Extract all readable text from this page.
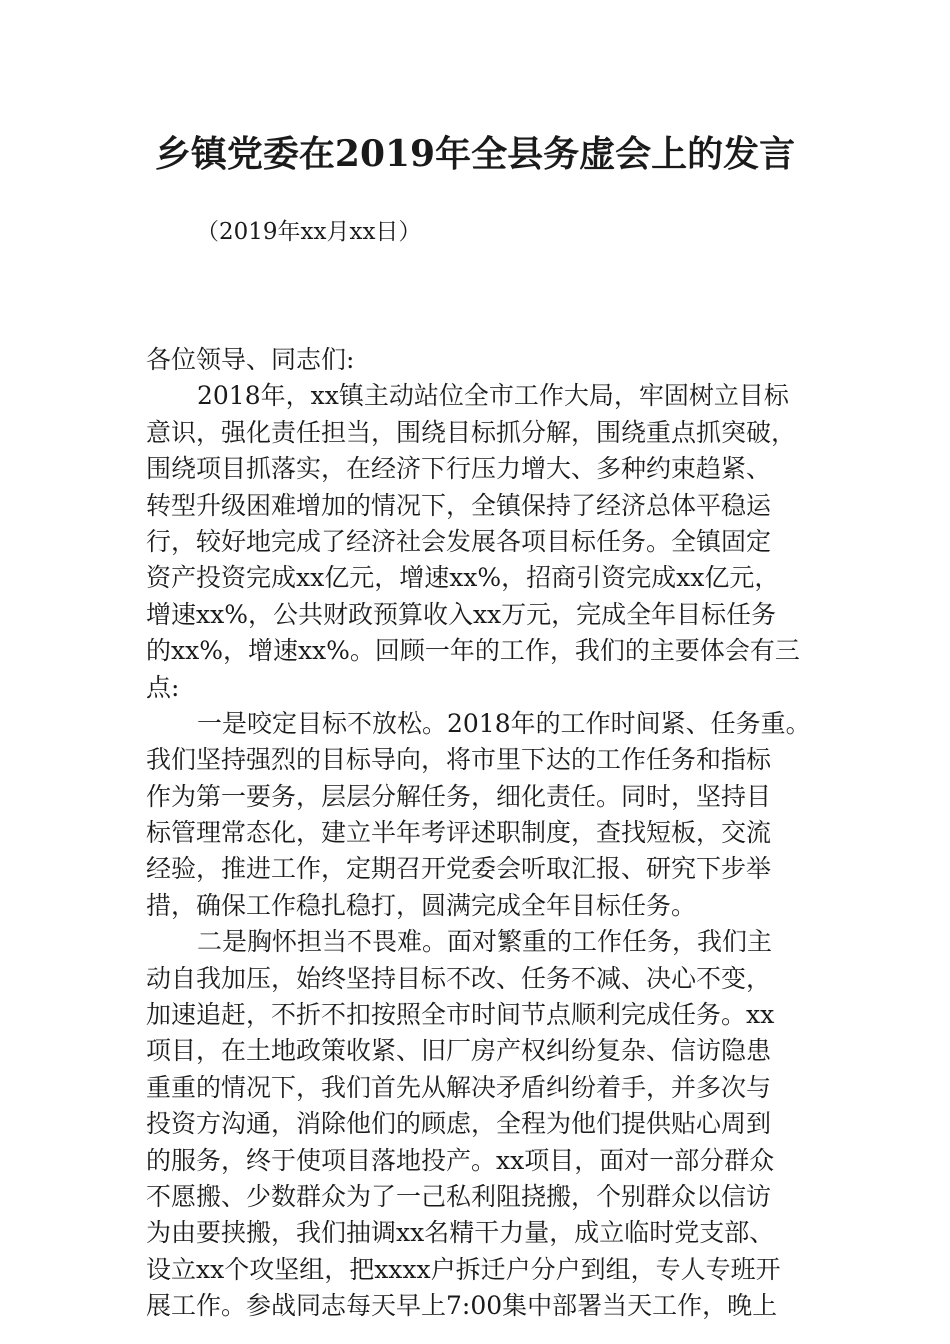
乡镇党委在2019年全县务虚会上的发言
（2019年xx月xx日）
各位领导、同志们:
2018年，xx镇主动站位全市工作大局，牢固树立目标
意识，强化责任担当，围绕目标抓分解，围绕重点抓突破，
围绕项目抓落实，在经济下行压力增大、多种约束趋紧、
转型升级困难增加的情况下，全镇保持了经济总体平稳运
行，较好地完成了经济社会发展各项目标任务。全镇固定
资产投资完成xx亿元，增速xx%，招商引资完成xx亿元，
增速xx%，公共财政预算收入xx万元，完成全年目标任务
的xx%，增速xx%。回顾一年的工作，我们的主要体会有三
点:
一是咬定目标不放松。2018年的工作时间紧、任务重。
我们坚持强烈的目标导向，将市里下达的工作任务和指标
作为第一要务，层层分解任务，细化责任。同时，坚持目
标管理常态化，建立半年考评述职制度，查找短板，交流
经验，推进工作，定期召开党委会听取汇报、研究下步举
措，确保工作稳扎稳打，圆满完成全年目标任务。
二是胸怀担当不畏难。面对繁重的工作任务，我们主
动自我加压，始终坚持目标不改、任务不减、决心不变，
加速追赶，不折不扣按照全市时间节点顺利完成任务。xx
项目，在土地政策收紧、旧厂房产权纠纷复杂、信访隐患
重重的情况下，我们首先从解决矛盾纠纷着手，并多次与
投资方沟通，消除他们的顾虑，全程为他们提供贴心周到
的服务，终于使项目落地投产。xx项目，面对一部分群众
不愿搬、少数群众为了一己私利阻挠搬，个别群众以信访
为由要挟搬，我们抽调xx名精干力量，成立临时党支部、
设立xx个攻坚组，把xxxx户拆迁户分户到组，专人专班开
展工作。参战同志每天早上7:00集中部署当天工作，晚上
